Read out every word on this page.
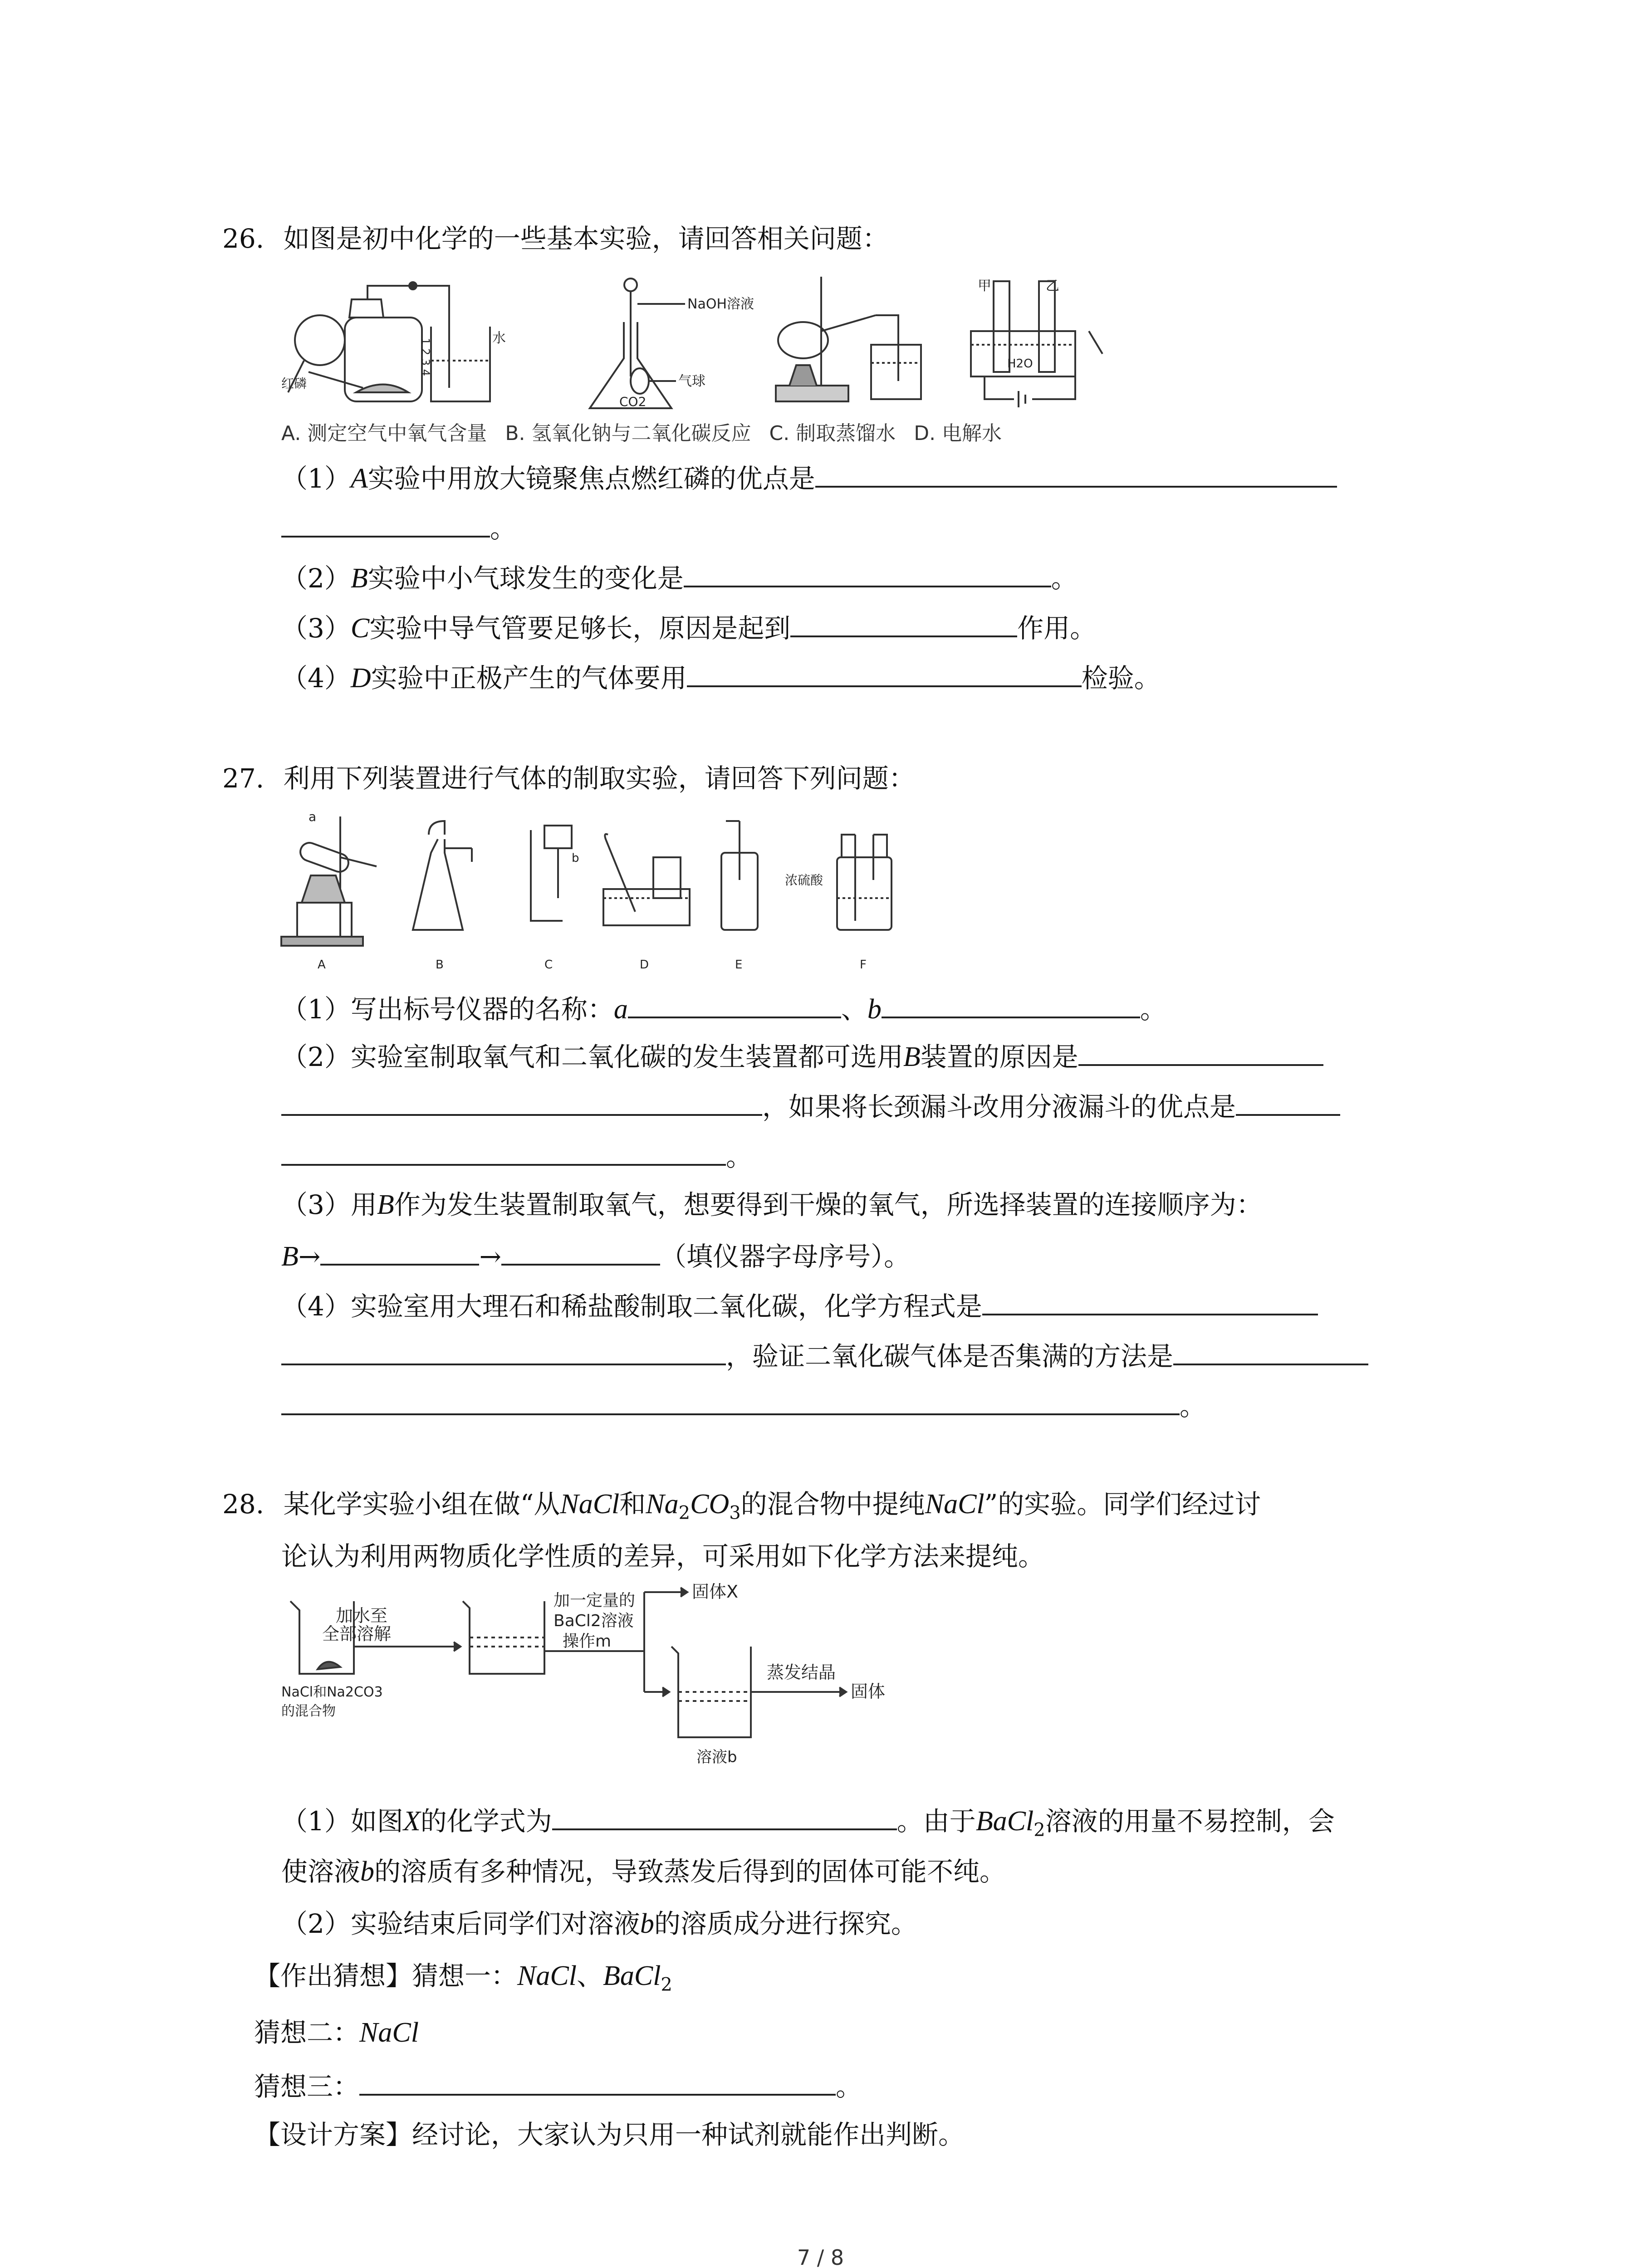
26. 如图是初中化学的一些基本实验，请回答相关问题：
红磷
1 2 3 4	水
NaOH溶液
气球
CO2
甲	乙
H2O
A. 测定空气中氧气含量 B. 氢氧化钠与二氧化碳反应 C. 制取蒸馏水 D. 电解水
（1）A实验中用放大镜聚焦点燃红磷的优点是
。
（2）B实验中小气球发生的变化是	。
（3）C实验中导气管要足够长，原因是起到	作用。
（4）D实验中正极产生的气体要用	检验。
27. 利用下列装置进行气体的制取实验，请回答下列问题：
a
b
浓硫酸
A	B	C	D	E	F
（1）写出标号仪器的名称：a	、b	。
（2）实验室制取氧气和二氧化碳的发生装置都可选用B装置的原因是
，如果将长颈漏斗改用分液漏斗的优点是
。
（3）用B作为发生装置制取氧气，想要得到干燥的氧气，所选择装置的连接顺序为：
B→	→	（填仪器字母序号）。
（4）实验室用大理石和稀盐酸制取二氧化碳，化学方程式是
，验证二氧化碳气体是否集满的方法是
。
28. 某化学实验小组在做“从NaCl和$Na_2CO_3$的混合物中提纯NaCl”的实验。同学们经过讨
论认为利用两物质化学性质的差异，可采用如下化学方法来提纯。
加水至
全部溶解
加一定量的
BaCl2溶液
操作m
固体X
蒸发结晶
固体
NaCl和Na2CO3
的混合物
溶液b
（1）如图X的化学式为	。由于BaCl$_2$溶液的用量不易控制，会
使溶液b的溶质有多种情况，导致蒸发后得到的固体可能不纯。
（2）实验结束后同学们对溶液b的溶质成分进行探究。
【作出猜想】猜想一：NaCl、BaCl$_2$
猜想二：NaCl
猜想三：	。
【设计方案】经讨论，大家认为只用一种试剂就能作出判断。
7 / 8
